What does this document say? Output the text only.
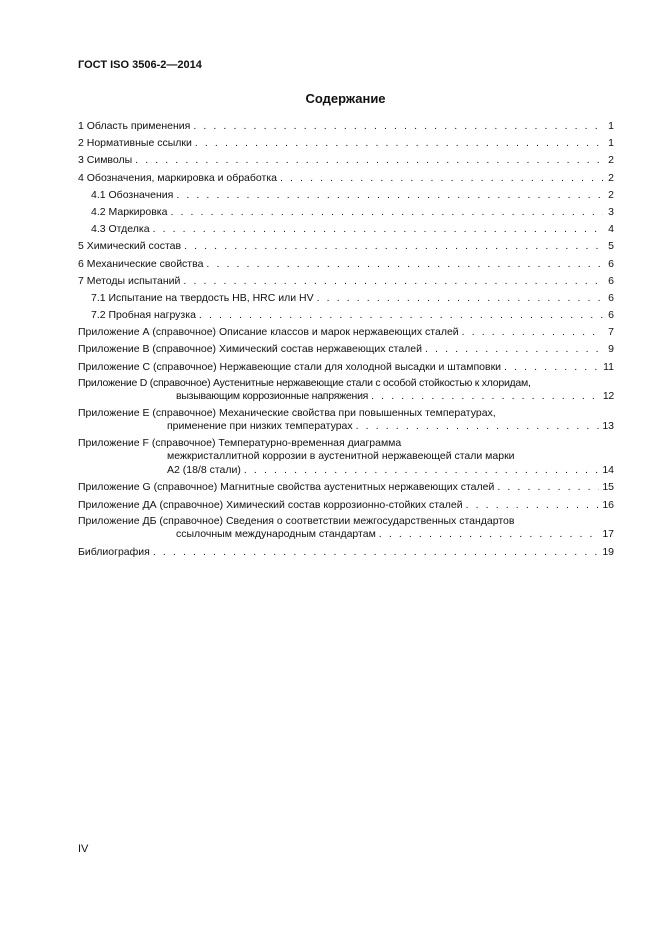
ГОСТ ISO 3506-2—2014
Содержание
1 Область применения . . .	1
2 Нормативные ссылки . . .	1
3 Символы . . .	2
4 Обозначения, маркировка и обработка . . .	2
4.1 Обозначения . . .	2
4.2 Маркировка . . .	3
4.3 Отделка . . .	4
5 Химический состав . . .	5
6 Механические свойства . . .	6
7 Методы испытаний . . .	6
7.1 Испытание на твердость HB, HRC или HV . . .	6
7.2 Пробная нагрузка . . .	6
Приложение А (справочное) Описание классов и марок нержавеющих сталей . . .	7
Приложение В (справочное) Химический состав нержавеющих сталей . . .	9
Приложение С (справочное) Нержавеющие стали для холодной высадки и штамповки . . .	11
Приложение D (справочное) Аустенитные нержавеющие стали с особой стойкостью к хлоридам,
вызывающим коррозионные напряжения . . .	12
Приложение Е (справочное) Механические свойства при повышенных температурах,
применение при низких температурах . . .	13
Приложение F (справочное) Температурно-временная диаграмма
межкристаллитной коррозии в аустенитной нержавеющей стали марки
А2 (18/8 стали) . . .	14
Приложение G (справочное) Магнитные свойства аустенитных нержавеющих сталей . . .	15
Приложение ДА (справочное) Химический состав коррозионно-стойких сталей . . .	16
Приложение ДБ (справочное) Сведения о соответствии межгосударственных стандартов
ссылочным международным стандартам . . .	17
Библиография . . .	19
IV
